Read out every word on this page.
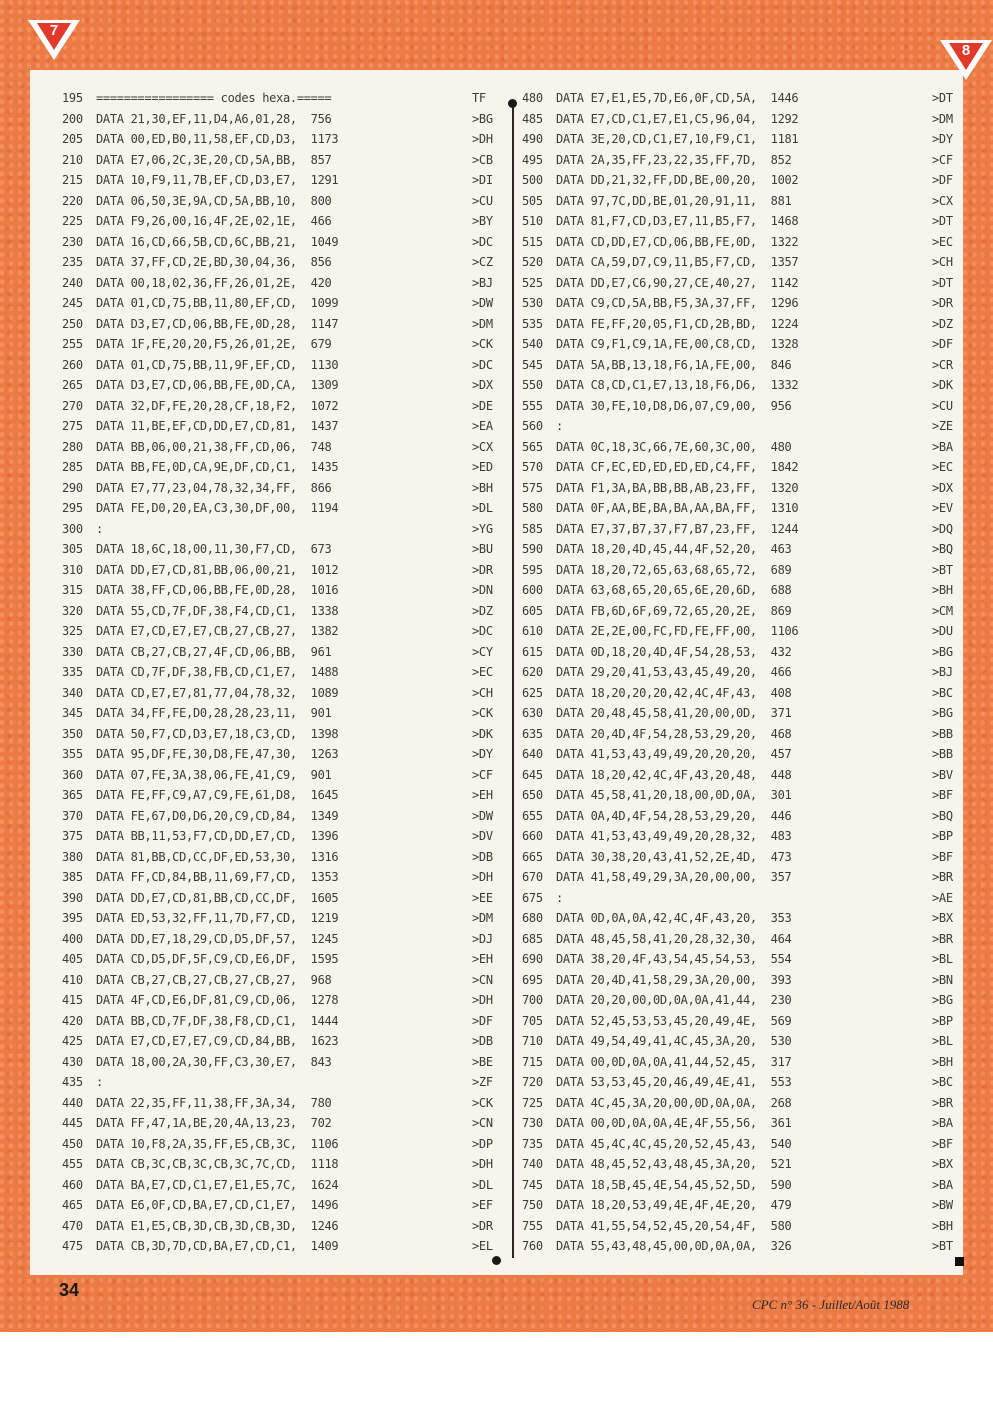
7
8
195 ================= codes hexa.=====	TF
200 DATA 21,30,EF,11,D4,A6,01,28,  756	>BG
205 DATA 00,ED,B0,11,58,EF,CD,D3,  1173	>DH
210 DATA E7,06,2C,3E,20,CD,5A,BB,  857	>CB
215 DATA 10,F9,11,7B,EF,CD,D3,E7,  1291	>DI
220 DATA 06,50,3E,9A,CD,5A,BB,10,  800	>CU
225 DATA F9,26,00,16,4F,2E,02,1E,  466	>BY
230 DATA 16,CD,66,5B,CD,6C,BB,21,  1049	>DC
235 DATA 37,FF,CD,2E,BD,30,04,36,  856	>CZ
240 DATA 00,18,02,36,FF,26,01,2E,  420	>BJ
245 DATA 01,CD,75,BB,11,80,EF,CD,  1099	>DW
250 DATA D3,E7,CD,06,BB,FE,0D,28,  1147	>DM
255 DATA 1F,FE,20,20,F5,26,01,2E,  679	>CK
260 DATA 01,CD,75,BB,11,9F,EF,CD,  1130	>DC
265 DATA D3,E7,CD,06,BB,FE,0D,CA,  1309	>DX
270 DATA 32,DF,FE,20,28,CF,18,F2,  1072	>DE
275 DATA 11,BE,EF,CD,DD,E7,CD,81,  1437	>EA
280 DATA BB,06,00,21,38,FF,CD,06,  748	>CX
285 DATA BB,FE,0D,CA,9E,DF,CD,C1,  1435	>ED
290 DATA E7,77,23,04,78,32,34,FF,  866	>BH
295 DATA FE,D0,20,EA,C3,30,DF,00,  1194	>DL
300 :	>YG
305 DATA 18,6C,18,00,11,30,F7,CD,  673	>BU
310 DATA DD,E7,CD,81,BB,06,00,21,  1012	>DR
315 DATA 38,FF,CD,06,BB,FE,0D,28,  1016	>DN
320 DATA 55,CD,7F,DF,38,F4,CD,C1,  1338	>DZ
325 DATA E7,CD,E7,E7,CB,27,CB,27,  1382	>DC
330 DATA CB,27,CB,27,4F,CD,06,BB,  961	>CY
335 DATA CD,7F,DF,38,FB,CD,C1,E7,  1488	>EC
340 DATA CD,E7,E7,81,77,04,78,32,  1089	>CH
345 DATA 34,FF,FE,D0,28,28,23,11,  901	>CK
350 DATA 50,F7,CD,D3,E7,18,C3,CD,  1398	>DK
355 DATA 95,DF,FE,30,D8,FE,47,30,  1263	>DY
360 DATA 07,FE,3A,38,06,FE,41,C9,  901	>CF
365 DATA FE,FF,C9,A7,C9,FE,61,D8,  1645	>EH
370 DATA FE,67,D0,D6,20,C9,CD,84,  1349	>DW
375 DATA BB,11,53,F7,CD,DD,E7,CD,  1396	>DV
380 DATA 81,BB,CD,CC,DF,ED,53,30,  1316	>DB
385 DATA FF,CD,84,BB,11,69,F7,CD,  1353	>DH
390 DATA DD,E7,CD,81,BB,CD,CC,DF,  1605	>EE
395 DATA ED,53,32,FF,11,7D,F7,CD,  1219	>DM
400 DATA DD,E7,18,29,CD,D5,DF,57,  1245	>DJ
405 DATA CD,D5,DF,5F,C9,CD,E6,DF,  1595	>EH
410 DATA CB,27,CB,27,CB,27,CB,27,  968	>CN
415 DATA 4F,CD,E6,DF,81,C9,CD,06,  1278	>DH
420 DATA BB,CD,7F,DF,38,F8,CD,C1,  1444	>DF
425 DATA E7,CD,E7,E7,C9,CD,84,BB,  1623	>DB
430 DATA 18,00,2A,30,FF,C3,30,E7,  843	>BE
435 :	>ZF
440 DATA 22,35,FF,11,38,FF,3A,34,  780	>CK
445 DATA FF,47,1A,BE,20,4A,13,23,  702	>CN
450 DATA 10,F8,2A,35,FF,E5,CB,3C,  1106	>DP
455 DATA CB,3C,CB,3C,CB,3C,7C,CD,  1118	>DH
460 DATA BA,E7,CD,C1,E7,E1,E5,7C,  1624	>DL
465 DATA E6,0F,CD,BA,E7,CD,C1,E7,  1496	>EF
470 DATA E1,E5,CB,3D,CB,3D,CB,3D,  1246	>DR
475 DATA CB,3D,7D,CD,BA,E7,CD,C1,  1409	>EL
480 DATA E7,E1,E5,7D,E6,0F,CD,5A,  1446	>DT
485 DATA E7,CD,C1,E7,E1,C5,96,04,  1292	>DM
490 DATA 3E,20,CD,C1,E7,10,F9,C1,  1181	>DY
495 DATA 2A,35,FF,23,22,35,FF,7D,  852	>CF
500 DATA DD,21,32,FF,DD,BE,00,20,  1002	>DF
505 DATA 97,7C,DD,BE,01,20,91,11,  881	>CX
510 DATA 81,F7,CD,D3,E7,11,B5,F7,  1468	>DT
515 DATA CD,DD,E7,CD,06,BB,FE,0D,  1322	>EC
520 DATA CA,59,D7,C9,11,B5,F7,CD,  1357	>CH
525 DATA DD,E7,C6,90,27,CE,40,27,  1142	>DT
530 DATA C9,CD,5A,BB,F5,3A,37,FF,  1296	>DR
535 DATA FE,FF,20,05,F1,CD,2B,BD,  1224	>DZ
540 DATA C9,F1,C9,1A,FE,00,C8,CD,  1328	>DF
545 DATA 5A,BB,13,18,F6,1A,FE,00,  846	>CR
550 DATA C8,CD,C1,E7,13,18,F6,D6,  1332	>DK
555 DATA 30,FE,10,D8,D6,07,C9,00,  956	>CU
560 :	>ZE
565 DATA 0C,18,3C,66,7E,60,3C,00,  480	>BA
570 DATA CF,EC,ED,ED,ED,ED,C4,FF,  1842	>EC
575 DATA F1,3A,BA,BB,BB,AB,23,FF,  1320	>DX
580 DATA 0F,AA,BE,BA,BA,AA,BA,FF,  1310	>EV
585 DATA E7,37,B7,37,F7,B7,23,FF,  1244	>DQ
590 DATA 18,20,4D,45,44,4F,52,20,  463	>BQ
595 DATA 18,20,72,65,63,68,65,72,  689	>BT
600 DATA 63,68,65,20,65,6E,20,6D,  688	>BH
605 DATA FB,6D,6F,69,72,65,20,2E,  869	>CM
610 DATA 2E,2E,00,FC,FD,FE,FF,00,  1106	>DU
615 DATA 0D,18,20,4D,4F,54,28,53,  432	>BG
620 DATA 29,20,41,53,43,45,49,20,  466	>BJ
625 DATA 18,20,20,20,42,4C,4F,43,  408	>BC
630 DATA 20,48,45,58,41,20,00,0D,  371	>BG
635 DATA 20,4D,4F,54,28,53,29,20,  468	>BB
640 DATA 41,53,43,49,49,20,20,20,  457	>BB
645 DATA 18,20,42,4C,4F,43,20,48,  448	>BV
650 DATA 45,58,41,20,18,00,0D,0A,  301	>BF
655 DATA 0A,4D,4F,54,28,53,29,20,  446	>BQ
660 DATA 41,53,43,49,49,20,28,32,  483	>BP
665 DATA 30,38,20,43,41,52,2E,4D,  473	>BF
670 DATA 41,58,49,29,3A,20,00,00,  357	>BR
675 :	>AE
680 DATA 0D,0A,0A,42,4C,4F,43,20,  353	>BX
685 DATA 48,45,58,41,20,28,32,30,  464	>BR
690 DATA 38,20,4F,43,54,45,54,53,  554	>BL
695 DATA 20,4D,41,58,29,3A,20,00,  393	>BN
700 DATA 20,20,00,0D,0A,0A,41,44,  230	>BG
705 DATA 52,45,53,53,45,20,49,4E,  569	>BP
710 DATA 49,54,49,41,4C,45,3A,20,  530	>BL
715 DATA 00,0D,0A,0A,41,44,52,45,  317	>BH
720 DATA 53,53,45,20,46,49,4E,41,  553	>BC
725 DATA 4C,45,3A,20,00,0D,0A,0A,  268	>BR
730 DATA 00,0D,0A,0A,4E,4F,55,56,  361	>BA
735 DATA 45,4C,4C,45,20,52,45,43,  540	>BF
740 DATA 48,45,52,43,48,45,3A,20,  521	>BX
745 DATA 18,5B,45,4E,54,45,52,5D,  590	>BA
750 DATA 18,20,53,49,4E,4F,4E,20,  479	>BW
755 DATA 41,55,54,52,45,20,54,4F,  580	>BH
760 DATA 55,43,48,45,00,0D,0A,0A,  326	>BT
34
CPC n° 36 - Juillet/Août 1988
